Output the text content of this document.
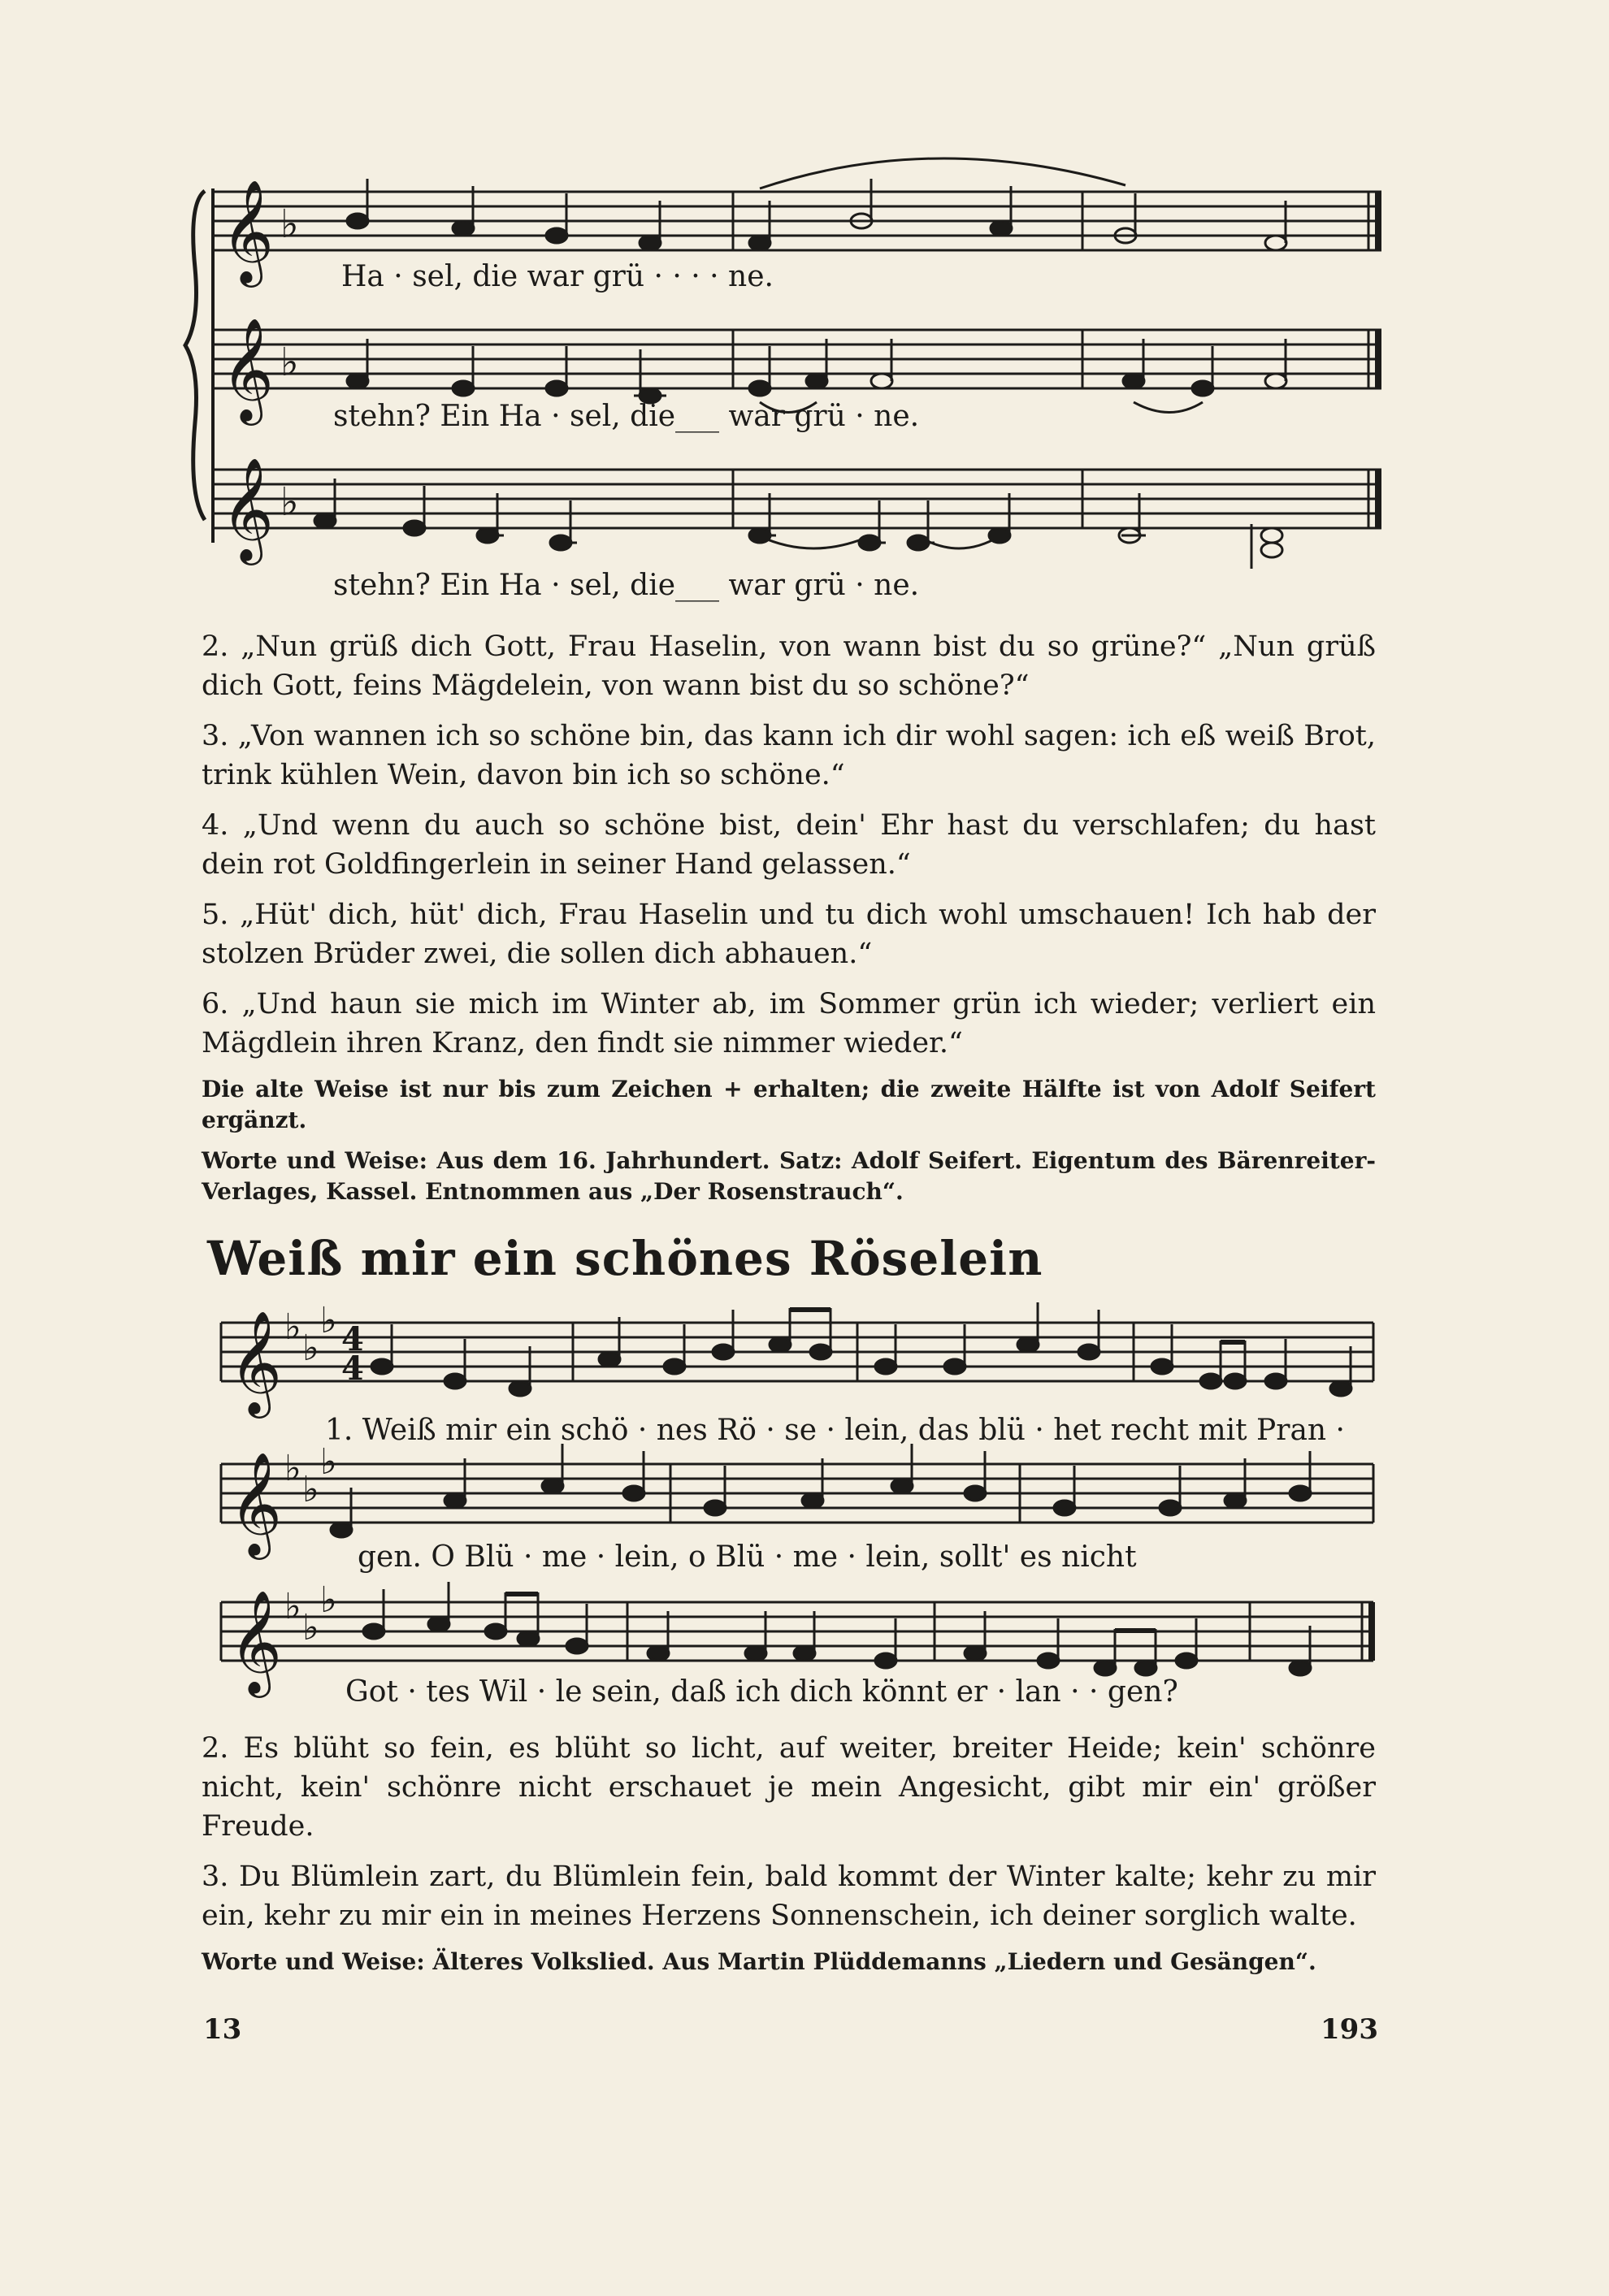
𝄞
𝄞
𝄞
♭
♭
♭
𝄞
𝄞
𝄞
♭
♭
♭
♭
♭
♭
♭
♭
♭
4
4
Ha · sel, die war grü · · · · ne.
stehn? Ein Ha · sel, die___ war grü · ne.
stehn? Ein Ha · sel, die___ war grü · ne.

2. „Nun grüß dich Gott, Frau Haselin, von wann bist du so grüne?“ „Nun grüß dich Gott, feins Mägdelein, von wann bist du so schöne?“

3. „Von wannen ich so schöne bin, das kann ich dir wohl sagen: ich eß weiß Brot, trink kühlen Wein, davon bin ich so schöne.“

4. „Und wenn du auch so schöne bist, dein' Ehr hast du verschlafen; du hast dein rot Goldfingerlein in seiner Hand gelassen.“

5. „Hüt' dich, hüt' dich, Frau Haselin und tu dich wohl umschauen! Ich hab der stolzen Brüder zwei, die sollen dich abhauen.“

6. „Und haun sie mich im Winter ab, im Sommer grün ich wieder; verliert ein Mägdlein ihren Kranz, den findt sie nimmer wieder.“

Die alte Weise ist nur bis zum Zeichen + erhalten; die zweite Hälfte ist von Adolf Seifert ergänzt.

Worte und Weise: Aus dem 16. Jahrhundert. Satz: Adolf Seifert. Eigentum des Bärenreiter-Verlages, Kassel. Entnommen aus „Der Rosenstrauch“.

Weiß mir ein schönes Röselein
1. Weiß mir ein schö · nes Rö · se · lein, das blü · het recht mit Pran ·
gen. O Blü · me · lein, o Blü · me · lein, sollt' es nicht
Got · tes Wil · le sein, daß ich dich könnt er · lan · · gen?

2. Es blüht so fein, es blüht so licht, auf weiter, breiter Heide; kein' schönre nicht, kein' schönre nicht erschauet je mein Angesicht, gibt mir ein' größer Freude.

3. Du Blümlein zart, du Blümlein fein, bald kommt der Winter kalte; kehr zu mir ein, kehr zu mir ein in meines Herzens Sonnenschein, ich deiner sorglich walte.

Worte und Weise: Älteres Volkslied. Aus Martin Plüddemanns „Liedern und Gesängen“.

13	193
